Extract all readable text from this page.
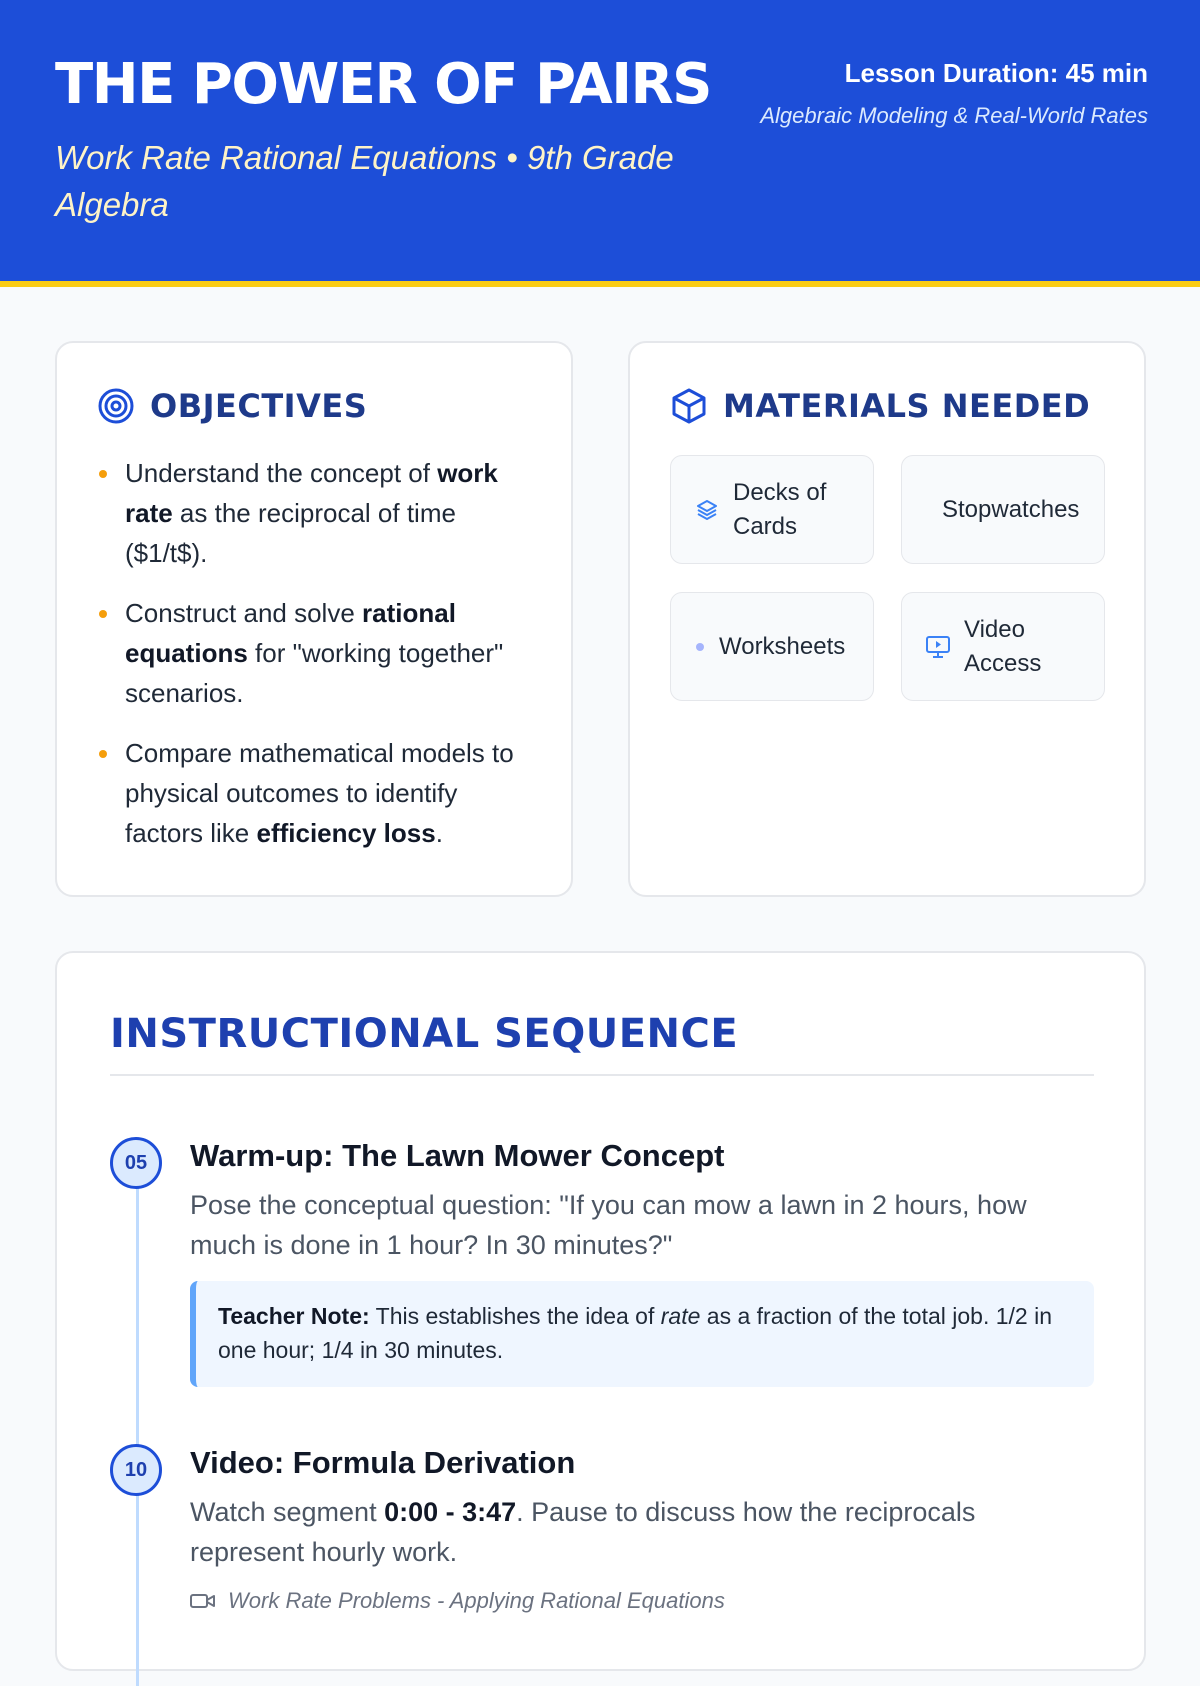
THE POWER OF PAIRS
Work Rate Rational Equations • 9th Grade Algebra
Lesson Duration: 45 min
Algebraic Modeling & Real-World Rates
OBJECTIVES
Understand the concept of work rate as the reciprocal of time ($1/t$).
Construct and solve rational equations for "working together" scenarios.
Compare mathematical models to physical outcomes to identify factors like efficiency loss.
MATERIALS NEEDED
Decks of Cards
Stopwatches
Worksheets
Video Access
INSTRUCTIONAL SEQUENCE
05	Warm-up: The Lawn Mower Concept
Pose the conceptual question: "If you can mow a lawn in 2 hours, how much is done in 1 hour? In 30 minutes?"
Teacher Note: This establishes the idea of rate as a fraction of the total job. 1/2 in one hour; 1/4 in 30 minutes.
10	Video: Formula Derivation
Watch segment 0:00 - 3:47. Pause to discuss how the reciprocals represent hourly work.
Work Rate Problems - Applying Rational Equations
